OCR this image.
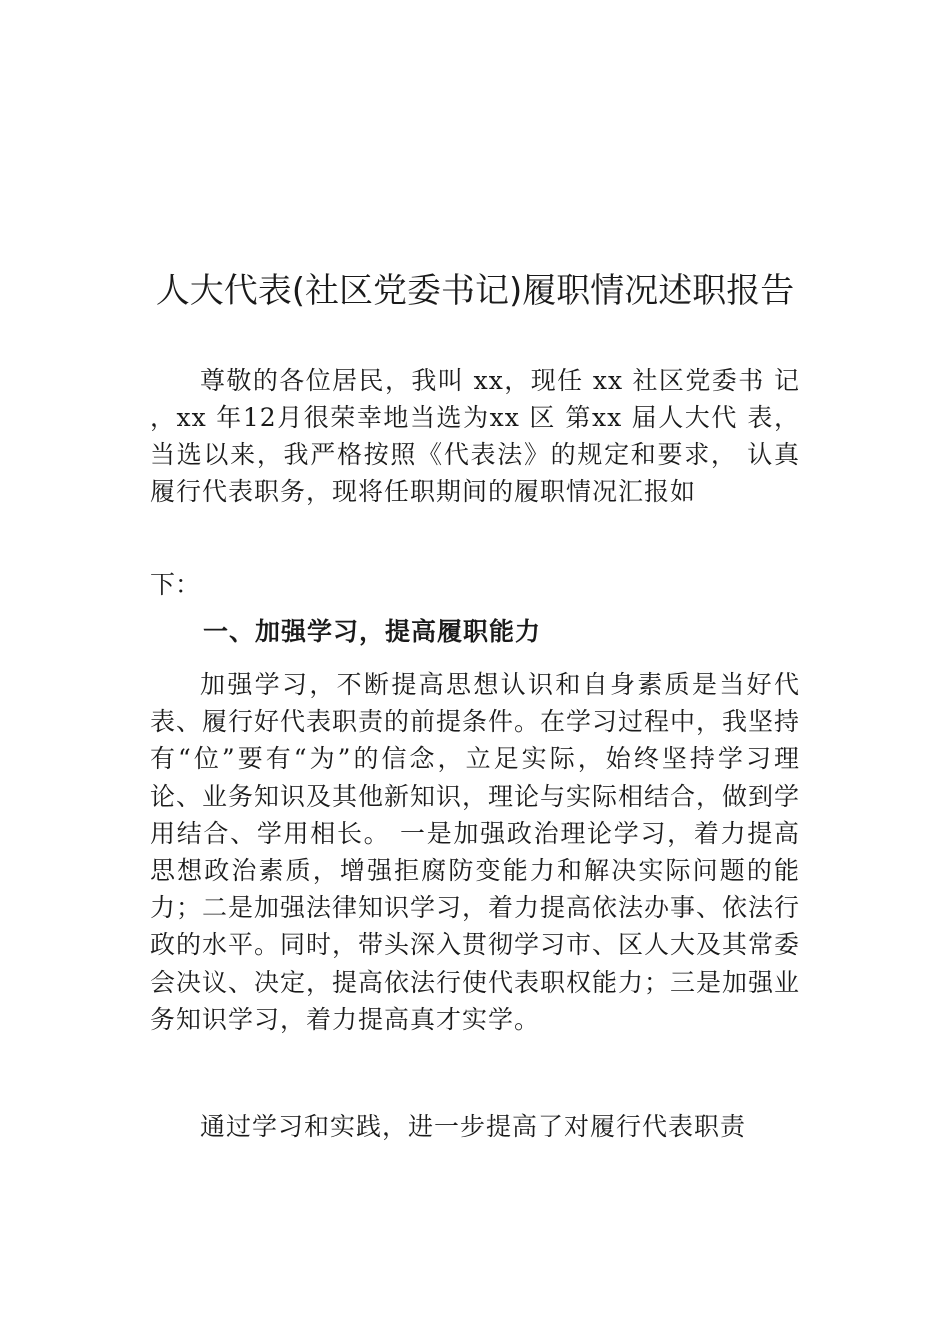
人大代表(社区党委书记)履职情况述职报告

尊敬的各位居民，我叫 xx，现任 xx 社区党委书 记 ，xx 年12月很荣幸地当选为xx 区 第xx 届人大代 表，当选以来，我严格按照《代表法》的规定和要求， 认真履行代表职务，现将任职期间的履职情况汇报如

下：

一、加强学习，提高履职能力

加强学习，不断提高思想认识和自身素质是当好代表、履行好代表职责的前提条件。在学习过程中，我坚持有“位”要有“为”的信念，立足实际，始终坚持学习理论、业务知识及其他新知识，理论与实际相结合，做到学用结合、学用相长。 一是加强政治理论学习，着力提高思想政治素质，增强拒腐防变能力和解决实际问题的能力；二是加强法律知识学习，着力提高依法办事、依法行政的水平。同时，带头深入贯彻学习市、区人大及其常委会决议、决定，提高依法行使代表职权能力；三是加强业务知识学习，着力提高真才实学。

通过学习和实践，进一步提高了对履行代表职责
